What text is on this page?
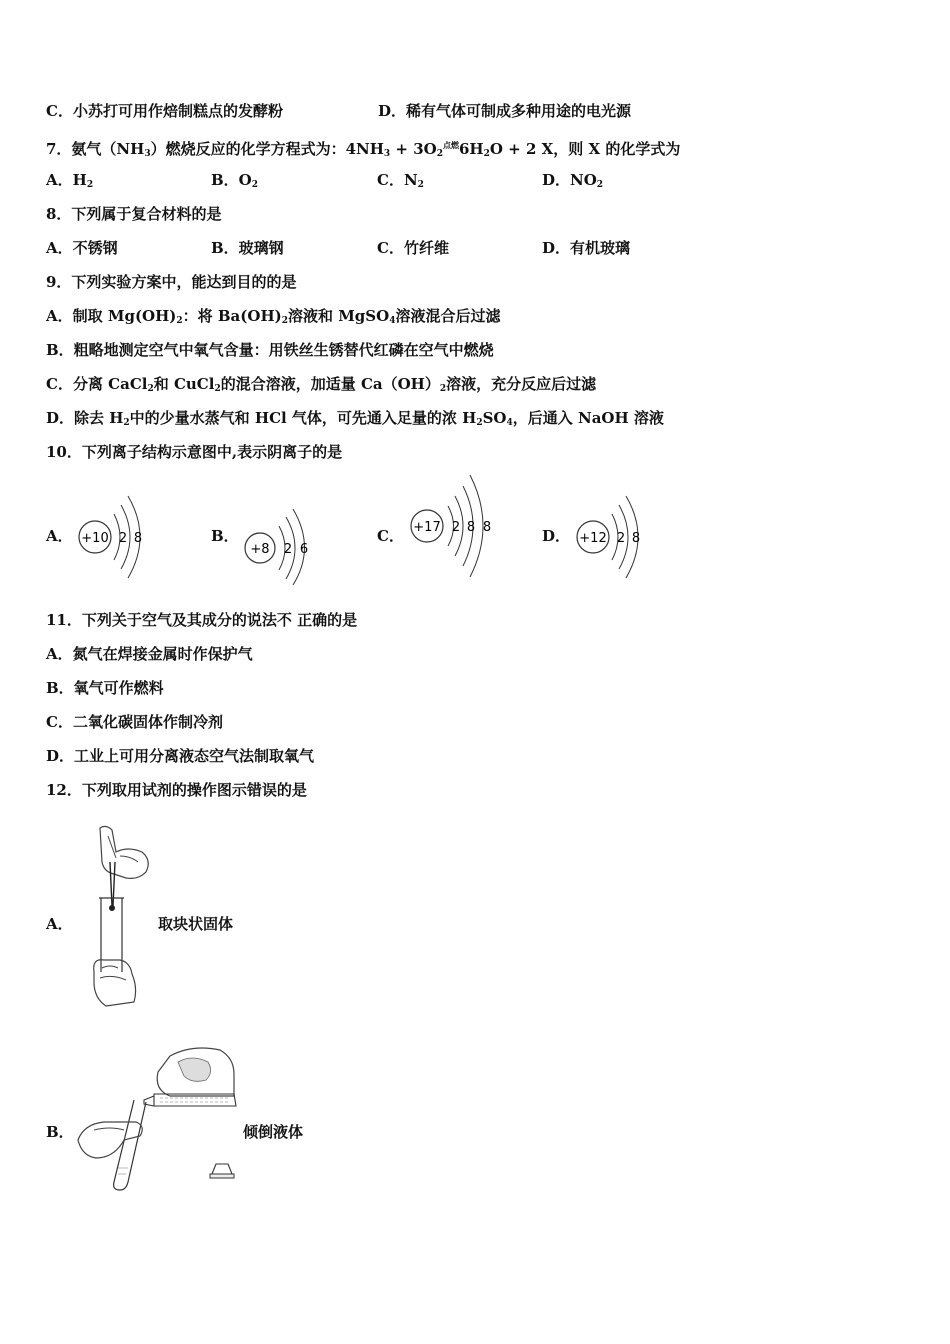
C．小苏打可用作焙制糕点的发酵粉	D．稀有气体可制成多种用途的电光源
7．氨气$(NH_3)$燃烧反应的化学方程式为：$4NH_3 + 3O_2^{点燃}6H_2O + 2$ X，则 X 的化学式为
A．$H_2$	B．$O_2$	C．$N_2$	D．$NO_2$
8．下列属于复合材料的是
A．不锈钢	B．玻璃钢	C．竹纤维	D．有机玻璃
9．下列实验方案中，能达到目的的是
A．制取 $Mg(OH)_2$：将 $Ba(OH)_2$溶液和 MgSO$_4$溶液混合后过滤
B．粗略地测定空气中氧气含量：用铁丝生锈替代红磷在空气中燃烧
C．分离 CaCl$_2$和 CuCl$_2$的混合溶液，加适量 $Ca(OH)_2$溶液，充分反应后过滤
D．除去 $H_2$中的少量水蒸气和 HCl 气体，可先通入足量的浓 $H_2SO_4$，后通入 NaOH 溶液
10．下列离子结构示意图中,表示阴离子的是
A． +10 2 8	B．
+8 2 6
C． +17 2 8 8	D． +12 2 8
11．下列关于空气及其成分的说法不 正确的是
A．氮气在焊接金属时作保护气
B．氧气可作燃料
C．二氧化碳固体作制冷剂
D．工业上可用分离液态空气法制取氧气
12．下列取用试剂的操作图示错误的是
A．	取块状固体
B．	倾倒液体
